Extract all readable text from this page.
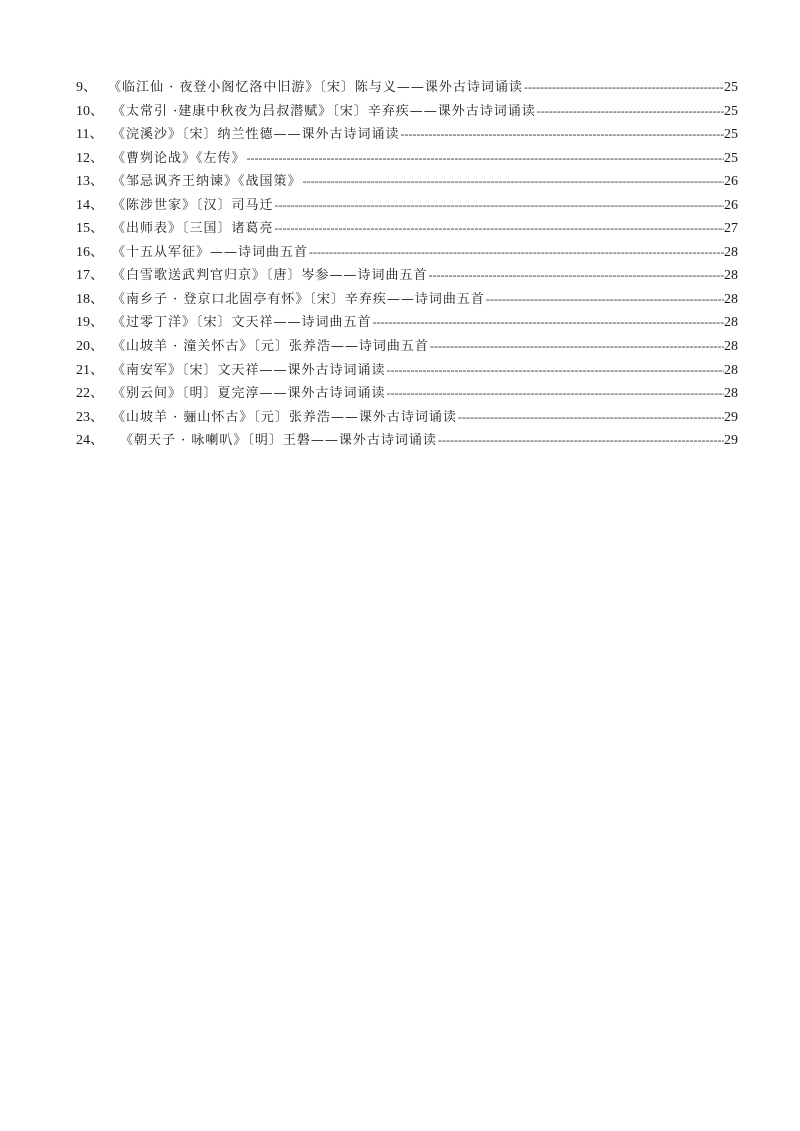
9、 《临江仙 · 夜登小阁忆洛中旧游》〔宋〕陈与义——课外古诗词诵读 -----	25
10、 《太常引 ·建康中秋夜为吕叔潜赋》〔宋〕辛弃疾——课外古诗词诵读 -----	25
11、 《浣溪沙》〔宋〕纳兰性德——课外古诗词诵读 -----	25
12、 《曹刿论战》《左传》 -----	25
13、 《邹忌讽齐王纳谏》《战国策》 -----	26
14、 《陈涉世家》〔汉〕司马迁 -----	26
15、 《出师表》〔三国〕诸葛亮 -----	27
16、 《十五从军征》——诗词曲五首 -----	28
17、 《白雪歌送武判官归京》〔唐〕岑参——诗词曲五首 -----	28
18、 《南乡子 · 登京口北固亭有怀》〔宋〕辛弃疾——诗词曲五首 -----	28
19、 《过零丁洋》〔宋〕文天祥——诗词曲五首 -----	28
20、 《山坡羊 · 潼关怀古》〔元〕张养浩——诗词曲五首 -----	28
21、 《南安军》〔宋〕文天祥——课外古诗词诵读 -----	28
22、 《别云间》〔明〕夏完淳——课外古诗词诵读 -----	28
23、 《山坡羊 · 骊山怀古》〔元〕张养浩——课外古诗词诵读 -----	29
24、	《朝天子 · 咏喇叭》〔明〕王磐——课外古诗词诵读 -----	29
